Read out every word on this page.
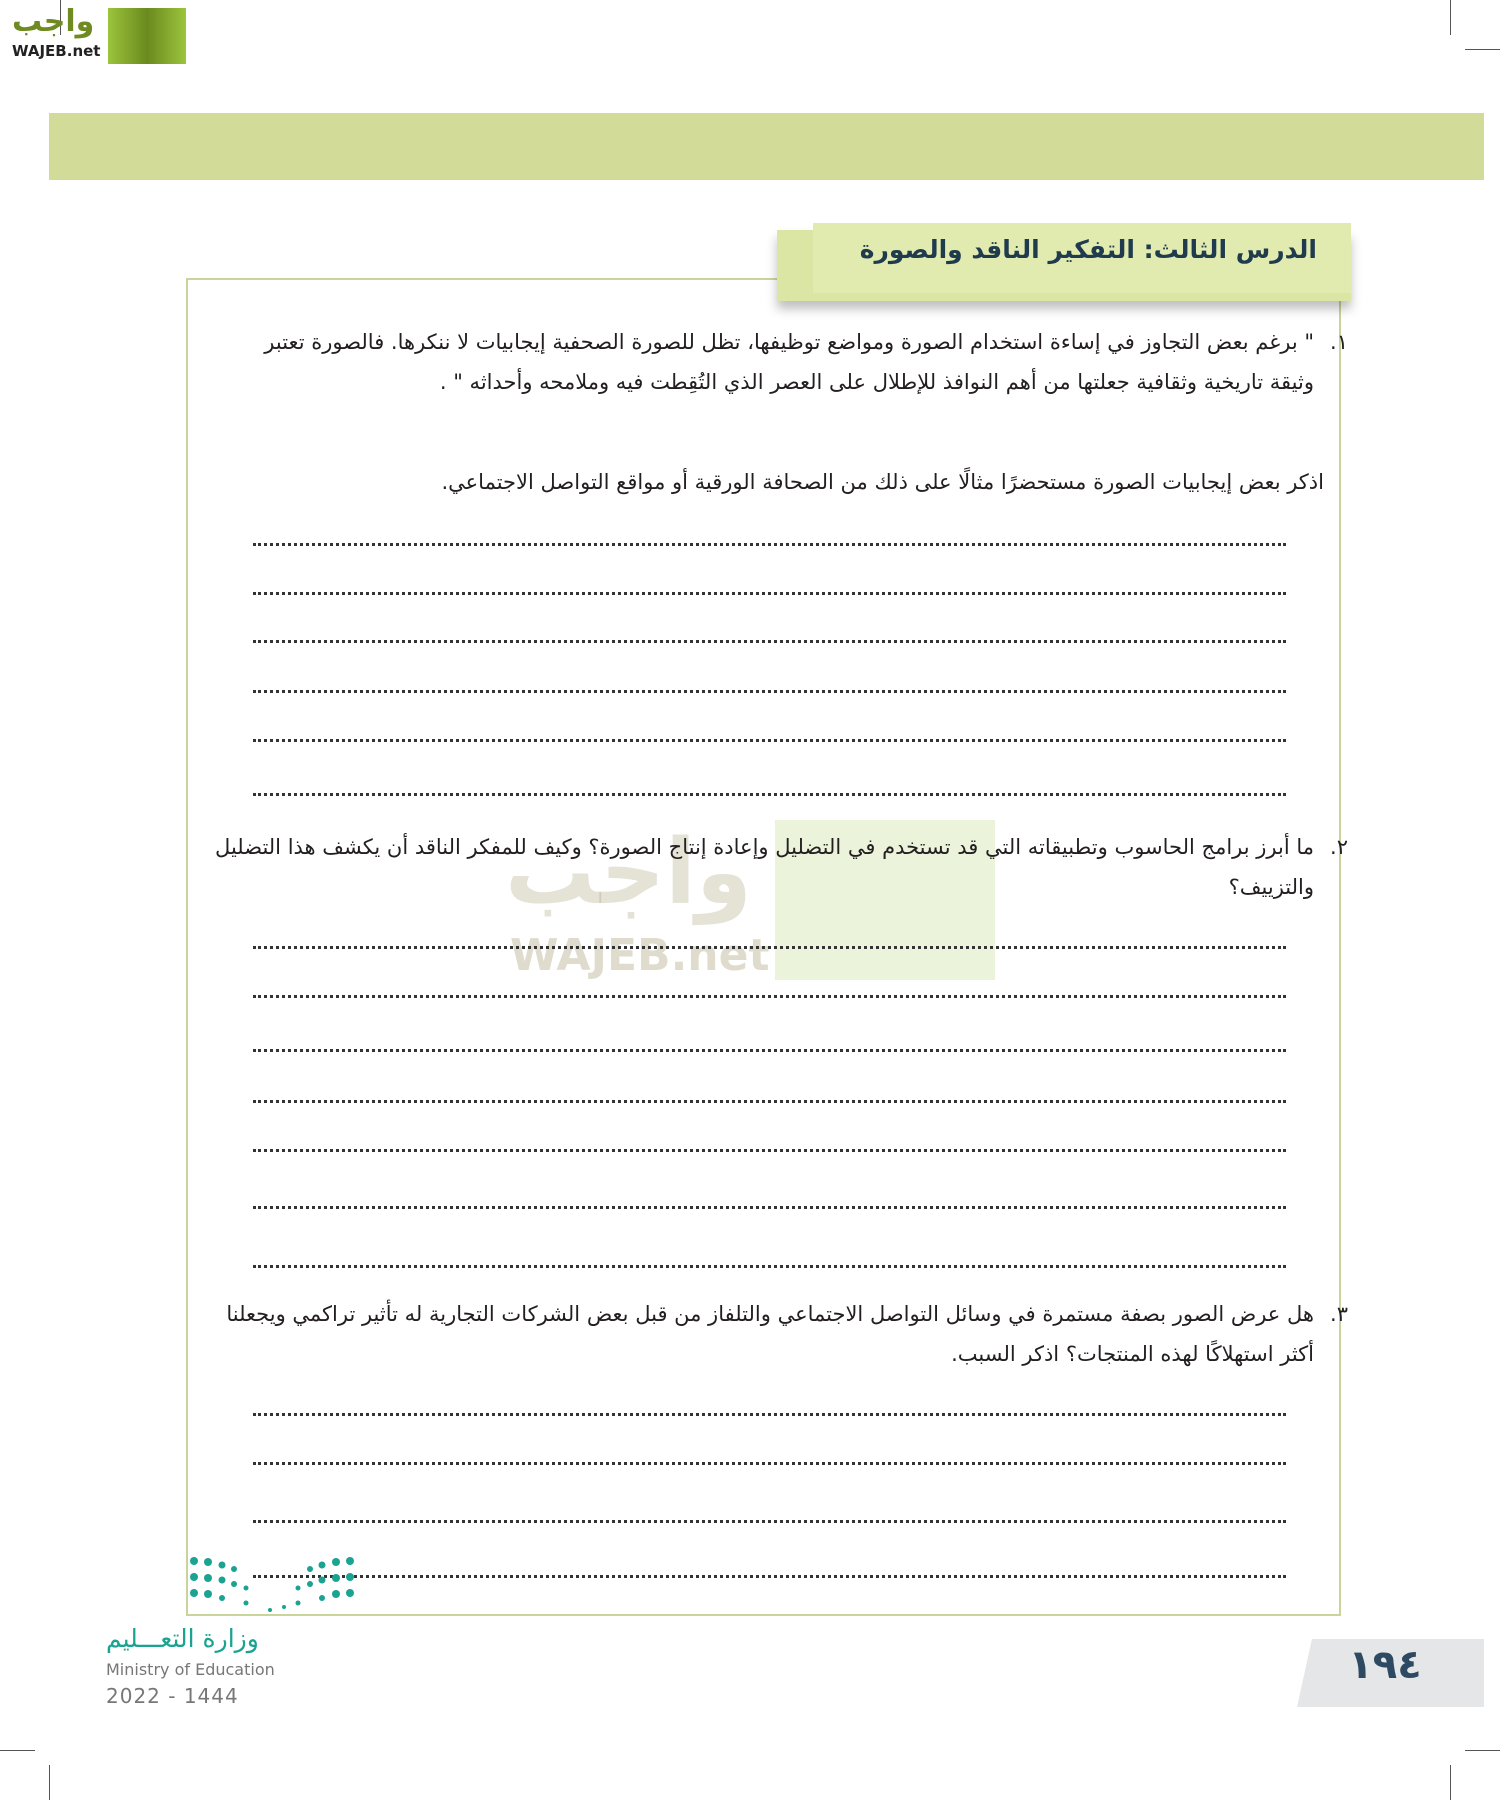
واجب
WAJEB.net
الدرس الثالث: التفكير الناقد والصورة
واجب
WAJEB.net
١.
" برغم بعض التجاوز في إساءة استخدام الصورة ومواضع توظيفها، تظل للصورة الصحفية إيجابيات لا ننكرها. فالصورة تعتبر وثيقة تاريخية وثقافية جعلتها من أهم النوافذ للإطلال على العصر الذي التُقِطت فيه وملامحه وأحداثه " .
اذكر بعض إيجابيات الصورة مستحضرًا مثالًا على ذلك من الصحافة الورقية أو مواقع التواصل الاجتماعي.
٢.
ما أبرز برامج الحاسوب وتطبيقاته التي قد تستخدم في التضليل وإعادة إنتاج الصورة؟ وكيف للمفكر الناقد أن يكشف هذا التضليل والتزييف؟
٣.
هل عرض الصور بصفة مستمرة في وسائل التواصل الاجتماعي والتلفاز من قبل بعض الشركات التجارية له تأثير تراكمي ويجعلنا أكثر استهلاكًا لهذه المنتجات؟ اذكر السبب.
وزارة التعـــليم
Ministry of Education
2022 - 1444
١٩٤
